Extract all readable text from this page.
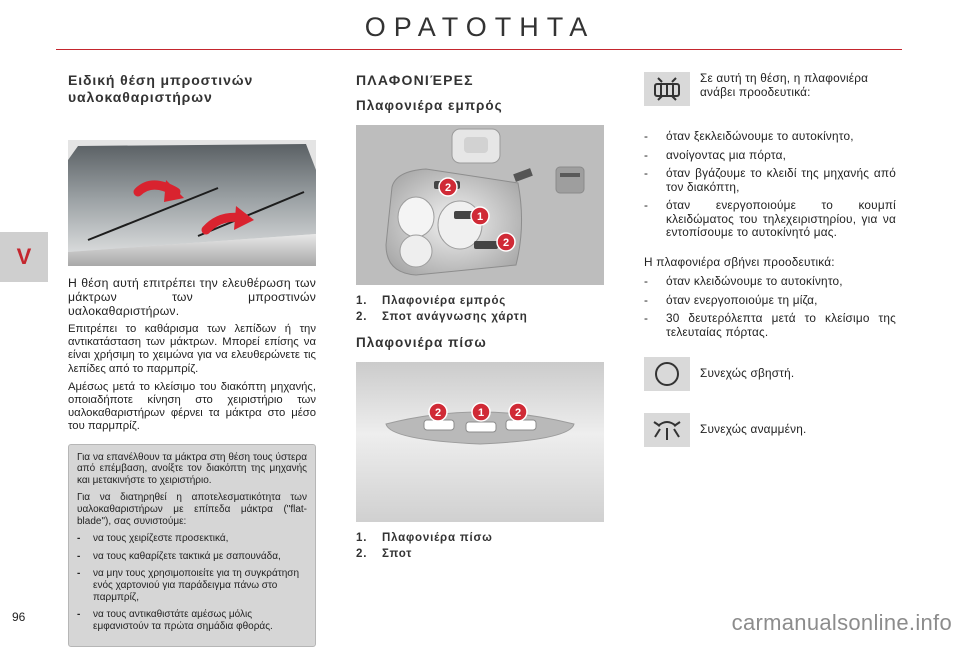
ΟΡΑΤΟΤΗΤΑ
V
96	carmanualsonline.info
Ειδική θέση μπροστινών
υαλοκαθαριστήρων

Η θέση αυτή επιτρέπει την ελευθέρωση των μάκτρων των μπροστινών υαλοκαθαριστήρων.

Επιτρέπει το καθάρισμα των λεπίδων ή την αντικατάσταση των μάκτρων. Μπορεί επίσης να είναι χρήσιμη το χειμώνα για να ελευθερώνετε τις λεπίδες από το παρμπρίζ.

Αμέσως μετά το κλείσιμο του διακόπτη μηχανής, οποιαδήποτε κίνηση στο χειριστήριο των υαλοκαθαριστήρων φέρνει τα μάκτρα στο μέσο του παρμπρίζ.

Για να επανέλθουν τα μάκτρα στη θέση τους ύστερα από επέμβαση, ανοίξτε τον διακόπτη της μηχανής και μετακινήστε το χειριστήριο.

Για να διατηρηθεί η αποτελεσματικότητα των υαλοκαθαριστήρων με επίπεδα μάκτρα ("flat-blade"), σας συνιστούμε:

-	να τους χειρίζεστε προσεκτικά,
-	να τους καθαρίζετε τακτικά με σαπουνάδα,
-	να μην τους χρησιμοποιείτε για τη συγκράτηση ενός χαρτονιού για παράδειγμα πάνω στο παρμπρίζ,
-	να τους αντικαθιστάτε αμέσως μόλις εμφανιστούν τα πρώτα σημάδια φθοράς.
ΠΛΑΦΟΝΙΈΡΕΣ
Πλαφονιέρα εμπρός
2
1
2
1. Πλαφονιέρα εμπρός
2. Σποτ ανάγνωσης χάρτη
Πλαφονιέρα πίσω
2	1	2
1. Πλαφονιέρα πίσω
2. Σποτ
Σε αυτή τη θέση, η πλαφονιέρα ανάβει προοδευτικά:
-	όταν ξεκλειδώνουμε το αυτοκίνητο,
-	ανοίγοντας μια πόρτα,
-	όταν βγάζουμε το κλειδί της μηχανής από τον διακόπτη,
-	όταν ενεργοποιούμε το κουμπί κλειδώματος του τηλεχειριστηρίου, για να εντοπίσουμε το αυτοκίνητό μας.
Η πλαφονιέρα σβήνει προοδευτικά:
-	όταν κλειδώνουμε το αυτοκίνητο,
-	όταν ενεργοποιούμε τη μίζα,
-	30 δευτερόλεπτα μετά το κλείσιμο της τελευταίας πόρτας.
Συνεχώς σβηστή.
Συνεχώς αναμμένη.
